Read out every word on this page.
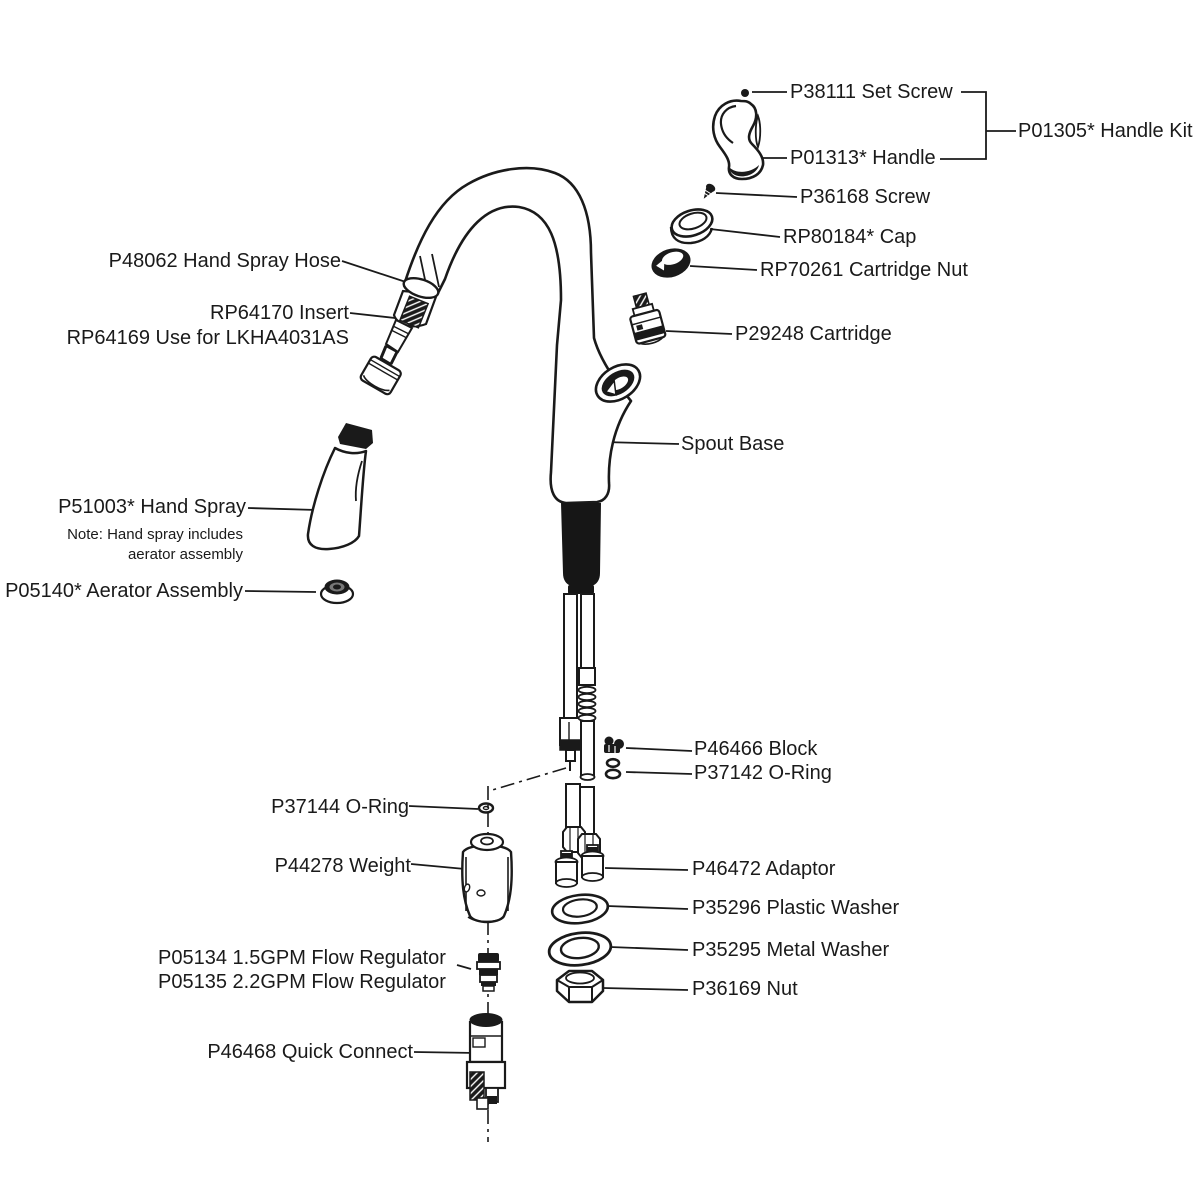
P38111 Set Screw
P01305* Handle Kit
P01313* Handle
P36168 Screw
RP80184* Cap
RP70261 Cartridge Nut
P29248 Cartridge
P48062 Hand Spray Hose
RP64170 Insert
RP64169 Use for LKHA4031AS
Spout Base
P51003* Hand Spray
Note: Hand spray includes
aerator assembly
P05140* Aerator Assembly
P46466 Block
P37142 O-Ring
P37144 O-Ring
P44278 Weight	P46472 Adaptor
P35296 Plastic Washer
P35295 Metal Washer
P36169 Nut
P05134 1.5GPM Flow Regulator
P05135 2.2GPM Flow Regulator
P46468 Quick Connect
